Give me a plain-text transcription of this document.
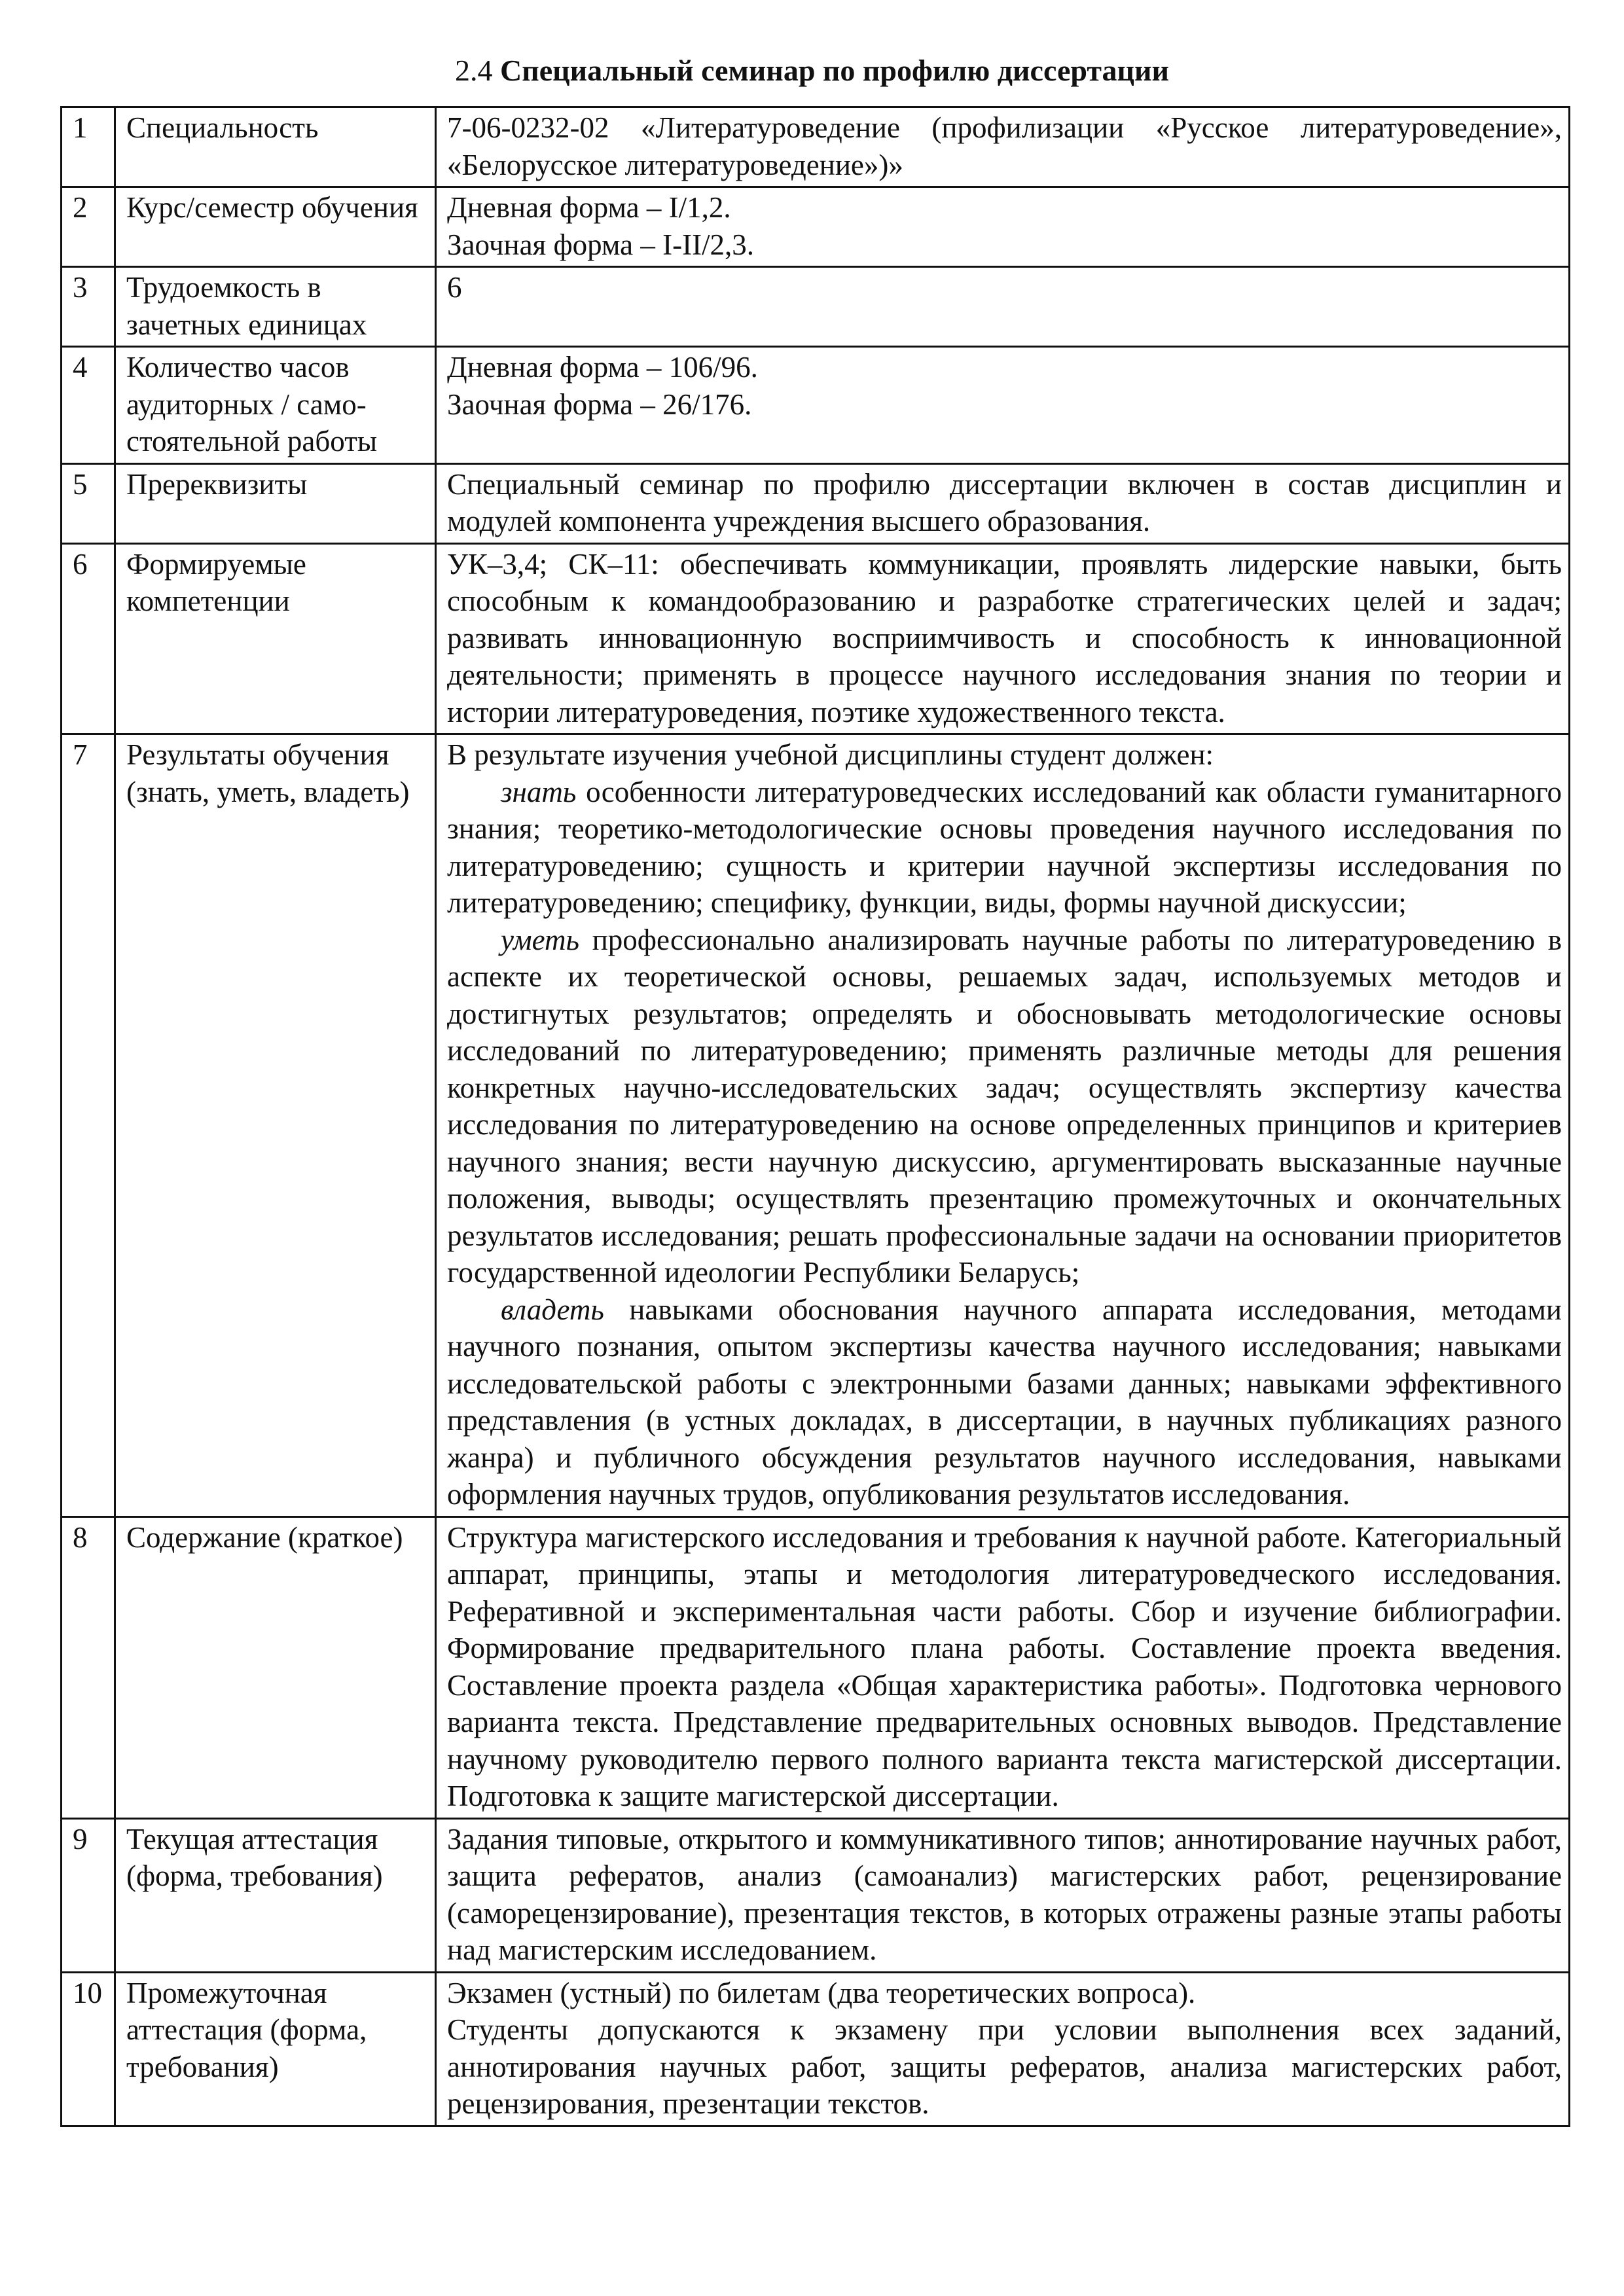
2.4 Специальный семинар по профилю диссертации
1	Специальность	7-06-0232-02 «Литературоведение (профилизации «Русское литературоведение», «Белорусское литературоведение»)»
2	Курс/семестр обучения	Дневная форма – I/1,2.
Заочная форма – I-II/2,3.

3	Трудоемкость в зачетных единицах	6
4	Количество часов аудиторных / само-стоятельной работы	Дневная форма – 106/96.
Заочная форма – 26/176.

5	Пререквизиты	Специальный семинар по профилю диссертации включен в состав дисциплин и модулей компонента учреждения высшего образования.
6	Формируемые компетенции	УК–3,4; СК–11: обеспечивать коммуникации, проявлять лидерские навыки, быть способным к командообразованию и разработке стратегических целей и задач; развивать инновационную восприимчивость и способность к инновационной деятельности; применять в процессе научного исследования знания по теории и истории литературоведения, поэтике художественного текста.
7	Результаты обучения (знать, уметь, владеть)	В результате изучения учебной дисциплины студент должен:

знать особенности литературоведческих исследований как области гуманитарного знания; теоретико-методологические основы проведения научного исследования по литературоведению; сущность и критерии научной экспертизы исследования по литературоведению; специфику, функции, виды, формы научной дискуссии;

уметь профессионально анализировать научные работы по литературоведению в аспекте их теоретической основы, решаемых задач, используемых методов и достигнутых результатов; определять и обосновывать методологические основы исследований по литературоведению; применять различные методы для решения конкретных научно-исследовательских задач; осуществлять экспертизу качества исследования по литературоведению на основе определенных принципов и критериев научного знания; вести научную дискуссию, аргументировать высказанные научные положения, выводы; осуществлять презентацию промежуточных и окончательных результатов исследования; решать профессиональные задачи на основании приоритетов государственной идеологии Республики Беларусь;

владеть навыками обоснования научного аппарата исследования, методами научного познания, опытом экспертизы качества научного исследования; навыками исследовательской работы с электронными базами данных; навыками эффективного представления (в устных докладах, в диссертации, в научных публикациях разного жанра) и публичного обсуждения результатов научного исследования, навыками оформления научных трудов, опубликования результатов исследования.

8	Содержание (краткое)	Структура магистерского исследования и требования к научной работе. Категориальный аппарат, принципы, этапы и методология литературоведческого исследования. Реферативной и экспериментальная части работы. Сбор и изучение библиографии. Формирование предварительного плана работы. Составление проекта введения. Составление проекта раздела «Общая характеристика работы». Подготовка чернового варианта текста. Представление предварительных основных выводов. Представление научному руководителю первого полного варианта текста магистерской диссертации. Подготовка к защите магистерской диссертации.
9	Текущая аттестация (форма, требования)	Задания типовые, открытого и коммуникативного типов; аннотирование научных работ, защита рефератов, анализ (самоанализ) магистерских работ, рецензирование (саморецензирование), презентация текстов, в которых отражены разные этапы работы над магистерским исследованием.
10	Промежуточная аттестация (форма, требования)	Экзамен (устный) по билетам (два теоретических вопроса).

Студенты допускаются к экзамену при условии выполнения всех заданий, аннотирования научных работ, защиты рефератов, анализа магистерских работ, рецензирования, презентации текстов.
